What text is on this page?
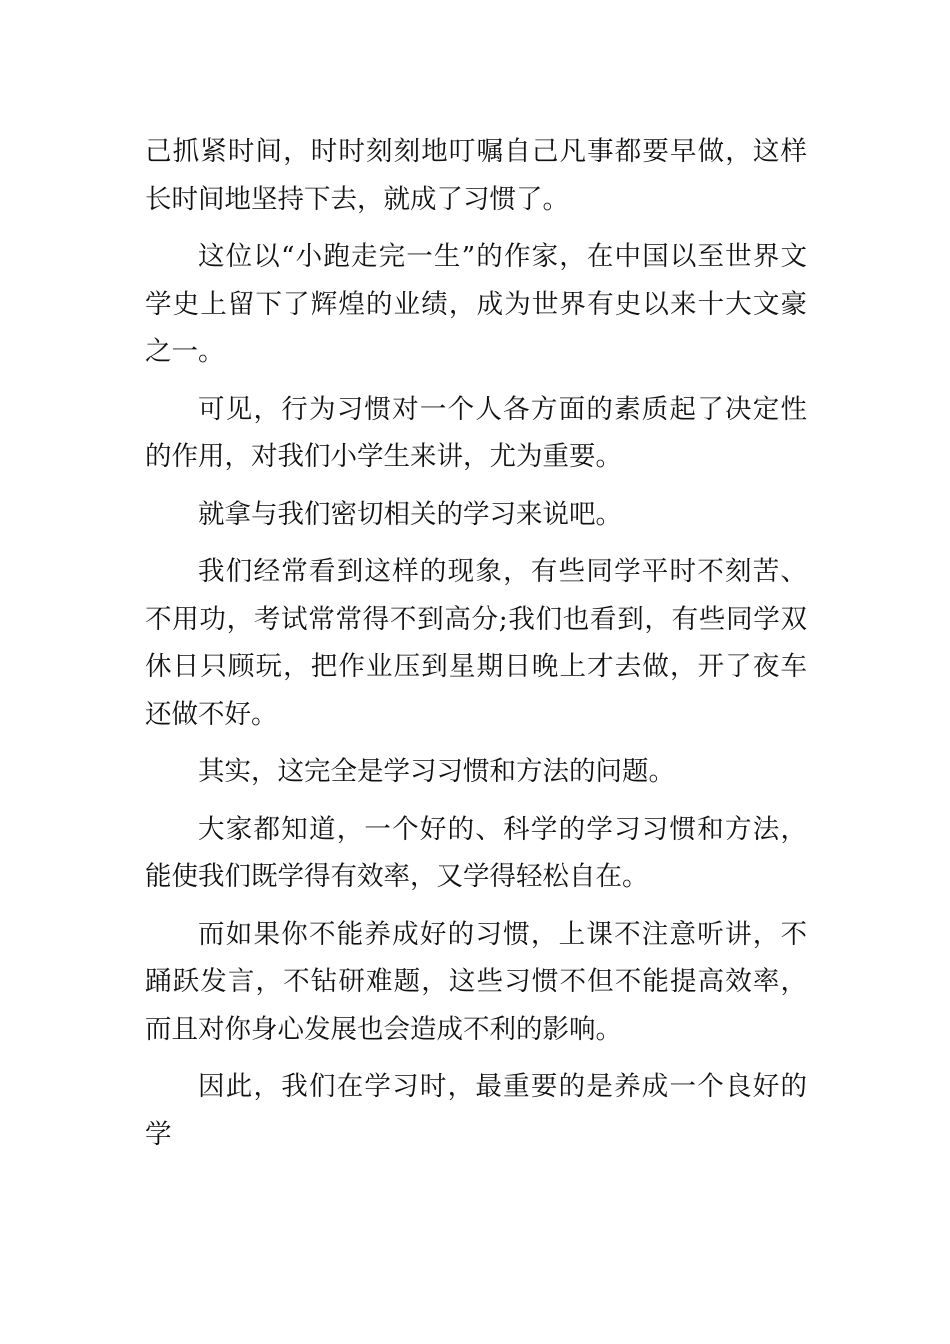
己抓紧时间，时时刻刻地叮嘱自己凡事都要早做，这样长时间地坚持下去，就成了习惯了。

这位以“小跑走完一生”的作家，在中国以至世界文学史上留下了辉煌的业绩，成为世界有史以来十大文豪之一。

可见，行为习惯对一个人各方面的素质起了决定性的作用，对我们小学生来讲，尤为重要。

就拿与我们密切相关的学习来说吧。

我们经常看到这样的现象，有些同学平时不刻苦、不用功，考试常常得不到高分;我们也看到，有些同学双休日只顾玩，把作业压到星期日晚上才去做，开了夜车还做不好。

其实，这完全是学习习惯和方法的问题。

大家都知道，一个好的、科学的学习习惯和方法，能使我们既学得有效率，又学得轻松自在。

而如果你不能养成好的习惯，上课不注意听讲，不踊跃发言，不钻研难题，这些习惯不但不能提高效率，而且对你身心发展也会造成不利的影响。

因此，我们在学习时，最重要的是养成一个良好的学
